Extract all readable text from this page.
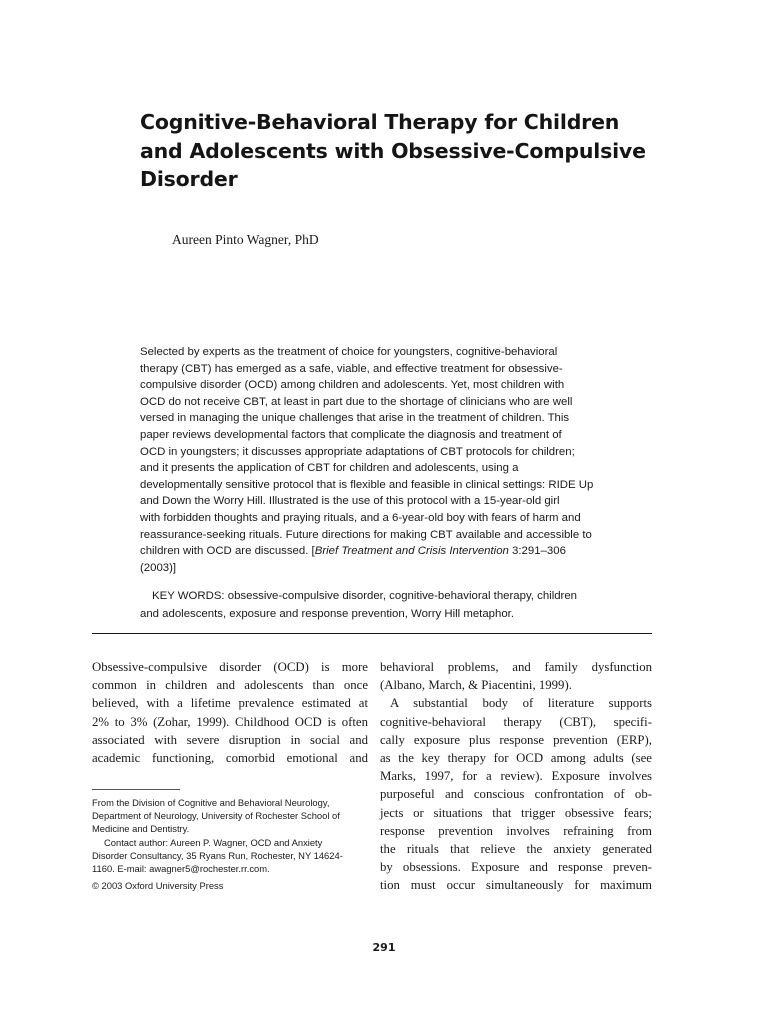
Cognitive-Behavioral Therapy for Children
and Adolescents with Obsessive-Compulsive
Disorder
Aureen Pinto Wagner, PhD
Selected by experts as the treatment of choice for youngsters, cognitive-behavioral
therapy (CBT) has emerged as a safe, viable, and effective treatment for obsessive-
compulsive disorder (OCD) among children and adolescents. Yet, most children with
OCD do not receive CBT, at least in part due to the shortage of clinicians who are well
versed in managing the unique challenges that arise in the treatment of children. This
paper reviews developmental factors that complicate the diagnosis and treatment of
OCD in youngsters; it discusses appropriate adaptations of CBT protocols for children;
and it presents the application of CBT for children and adolescents, using a
developmentally sensitive protocol that is flexible and feasible in clinical settings: RIDE Up
and Down the Worry Hill. Illustrated is the use of this protocol with a 15-year-old girl
with forbidden thoughts and praying rituals, and a 6-year-old boy with fears of harm and
reassurance-seeking rituals. Future directions for making CBT available and accessible to
children with OCD are discussed. [Brief Treatment and Crisis Intervention 3:291–306
(2003)]
KEY WORDS: obsessive-compulsive disorder, cognitive-behavioral therapy, children
and adolescents, exposure and response prevention, Worry Hill metaphor.
Obsessive-compulsive disorder (OCD) is more
common in children and adolescents than once
believed, with a lifetime prevalence estimated at
2% to 3% (Zohar, 1999). Childhood OCD is often
associated with severe disruption in social and
academic functioning, comorbid emotional and
From the Division of Cognitive and Behavioral Neurology,
Department of Neurology, University of Rochester School of
Medicine and Dentistry.
Contact author: Aureen P. Wagner, OCD and Anxiety
Disorder Consultancy, 35 Ryans Run, Rochester, NY 14624-
1160. E-mail: awagner5@rochester.rr.com.
© 2003 Oxford University Press
behavioral problems, and family dysfunction
(Albano, March, & Piacentini, 1999).
A substantial body of literature supports
cognitive-behavioral therapy (CBT), specifi-
cally exposure plus response prevention (ERP),
as the key therapy for OCD among adults (see
Marks, 1997, for a review). Exposure involves
purposeful and conscious confrontation of ob-
jects or situations that trigger obsessive fears;
response prevention involves refraining from
the rituals that relieve the anxiety generated
by obsessions. Exposure and response preven-
tion must occur simultaneously for maximum
291
